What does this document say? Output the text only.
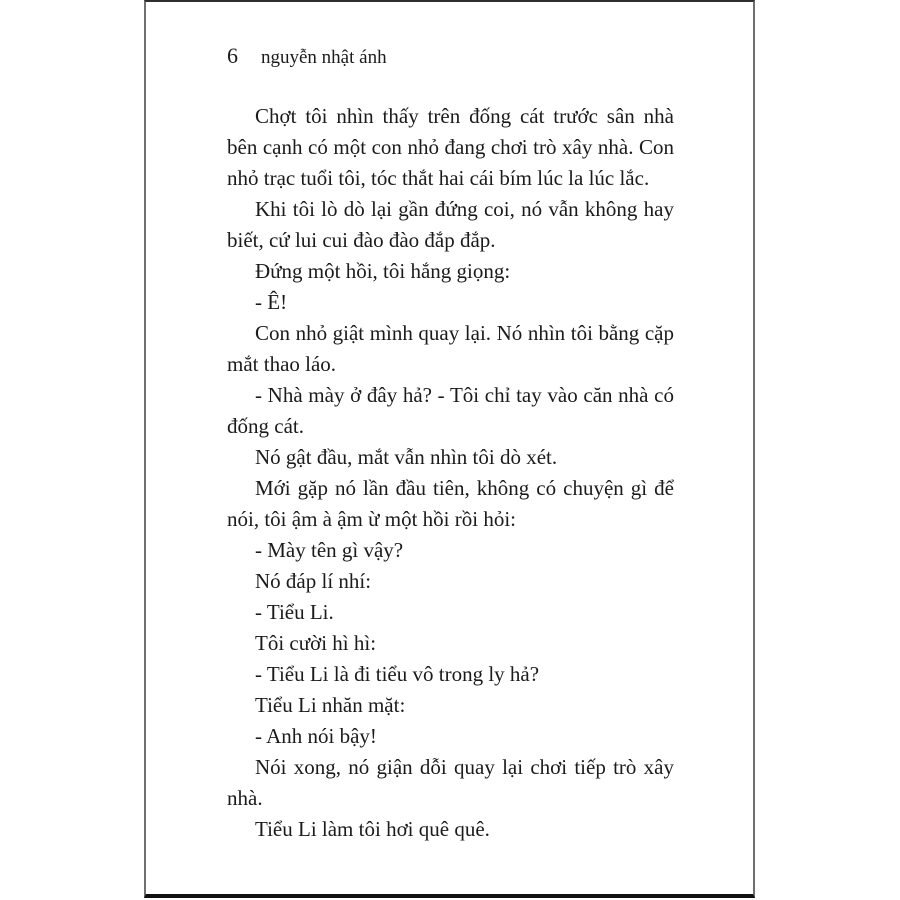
6 nguyễn nhật ánh

Chợt tôi nhìn thấy trên đống cát trước sân nhà bên cạnh có một con nhỏ đang chơi trò xây nhà. Con nhỏ trạc tuổi tôi, tóc thắt hai cái bím lúc la lúc lắc.

Khi tôi lò dò lại gần đứng coi, nó vẫn không hay biết, cứ lui cui đào đào đắp đắp.

Đứng một hồi, tôi hắng giọng:

- Ê!

Con nhỏ giật mình quay lại. Nó nhìn tôi bằng cặp mắt thao láo.

- Nhà mày ở đây hả? - Tôi chỉ tay vào căn nhà có đống cát.

Nó gật đầu, mắt vẫn nhìn tôi dò xét.

Mới gặp nó lần đầu tiên, không có chuyện gì để nói, tôi ậm à ậm ừ một hồi rồi hỏi:

- Mày tên gì vậy?

Nó đáp lí nhí:

- Tiểu Li.

Tôi cười hì hì:

- Tiểu Li là đi tiểu vô trong ly hả?

Tiểu Li nhăn mặt:

- Anh nói bậy!

Nói xong, nó giận dỗi quay lại chơi tiếp trò xây nhà.

Tiểu Li làm tôi hơi quê quê.
